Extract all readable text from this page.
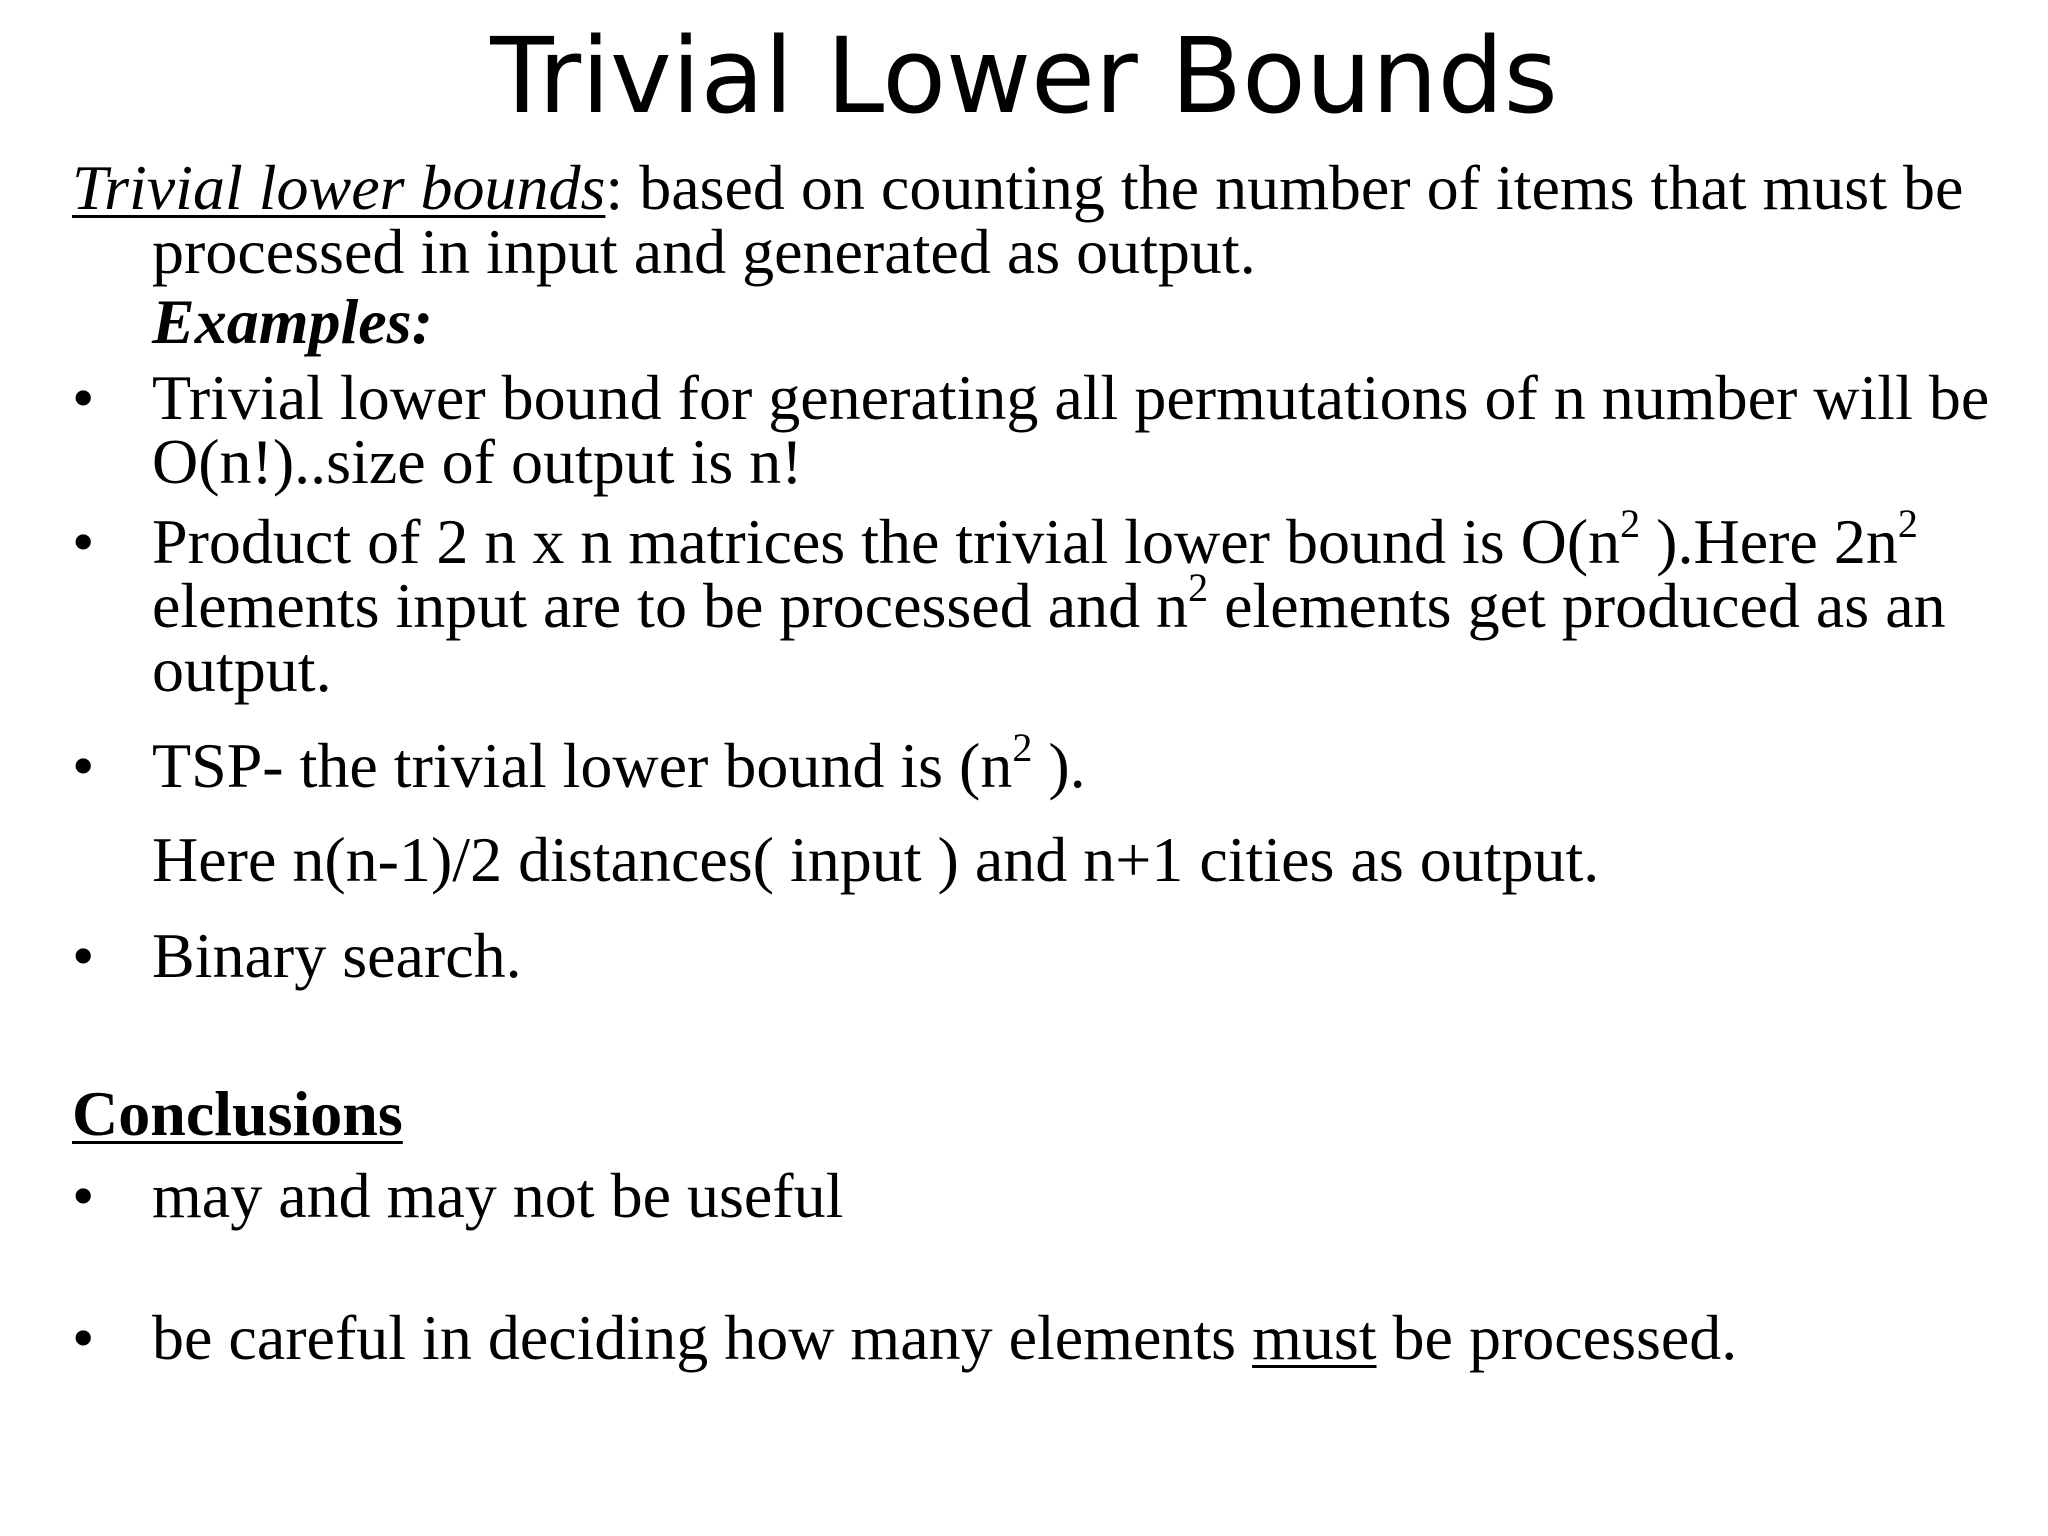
Trivial Lower Bounds

Trivial lower bounds: based on counting the number of items that must be processed in input and generated as output.

Examples:

• Trivial lower bound for generating all permutations of n number will be O(n!)..size of output is n!
• Product of 2 n x n matrices the trivial lower bound is $O(n^2$ ).Here $2n^2$ elements input are to be processed and $n^2$ elements get produced as an output.
• TSP- the trivial lower bound is ($n^2$ ).

Here n(n-1)/2 distances( input ) and n+1 cities as output.

• Binary search.

Conclusions

• may and may not be useful
• be careful in deciding how many elements must be processed.
